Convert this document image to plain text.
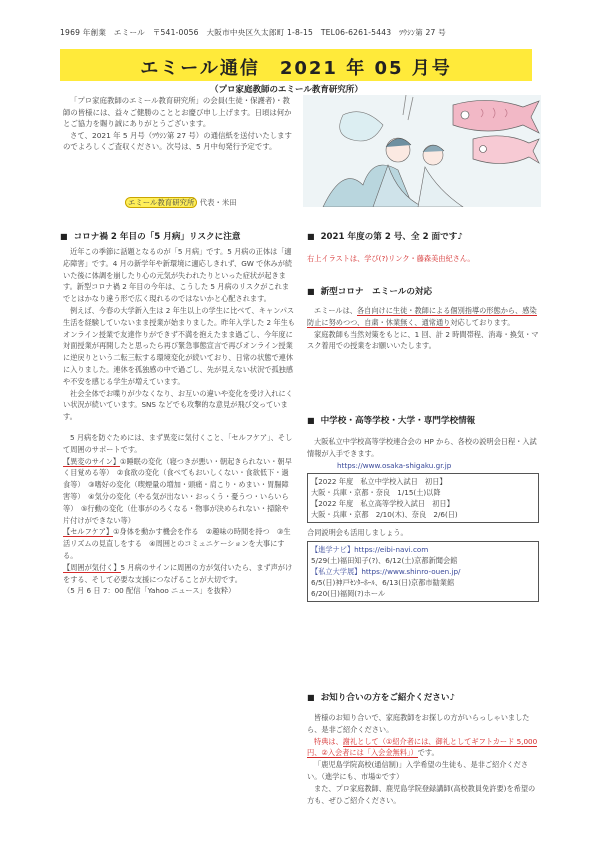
1969 年創業　エミール　〒541-0056　大阪市中央区久太郎町 1-8-15　TEL06-6261-5443　ﾂｳｼﾝ第 27 号
エミール通信　2021 年 05 月号
（プロ家庭教師のエミール教育研究所）

「プロ家庭教師のエミール教育研究所」の会員(生徒・保護者)・教師の皆様には、益々ご健勝のこととお慶び申し上げます。日頃は何かとご協力を賜り誠にありがとうございます。

さて、2021 年 5 月号（ﾂｳｼﾝ第 27 号）の通信紙を送付いたしますのでよろしくご査収ください。次号は、5 月中旬発行予定です。

エミール教育研究所 代表・米田
■ コロナ禍 2 年目の「5 月病」リスクに注意

近年この季節に話題となるのが「5 月病」です。5 月病の正体は「適応障害」です。4 月の新学年や新環境に適応しきれず、GW で休みが続いた後に体調を崩したり心の元気が失われたりといった症状が起きます。新型コロナ禍 2 年目の今年は、こうした 5 月病のリスクがこれまでとはかなり違う形で広く現れるのではないかと心配されます。

例えば、今春の大学新入生は 2 年生以上の学生に比べて、キャンパス生活を経験していないまま授業が始まりました。昨年入学した 2 年生もオンライン授業で友達作りができず不満を抱えたまま過ごし、今年度に対面授業が再開したと思ったら再び緊急事態宣言で再びオンライン授業に逆戻りという二転三転する環境変化が続いており、日常の状態で連休に入りました。連休を孤独感の中で過ごし、先が見えない状況で孤独感や不安を感じる学生が増えています。

社会全体でお喋りが少なくなり、お互いの違いや変化を受け入れにくい状況が続いています。SNS などでも攻撃的な意見が飛び交っています。

5 月病を防ぐためには、まず異変に気付くこと、「セルフケア」、そして周囲のサポートです。

【異変のサイン】①睡眠の変化（寝つきが悪い・朝起きられない・朝早く目覚める等）　②食欲の変化（食べてもおいしくない・食欲低下・過食等）　③嗜好の変化（喫煙量の増加・頭痛・肩こり・めまい・胃腸障害等）　④気分の変化（やる気が出ない・おっくう・憂うつ・いらいら等）　⑤行動の変化（仕事がのろくなる・物事が決められない・掃除や片付けができない等）

【セルフケア】①身体を動かす機会を作る　②趣味の時間を持つ　③生活リズムの見直しをする　④周囲とのコミュニケーションを大事にする。

【周囲が気付く】5 月病のサインに周囲の方が気付いたら、まず声がけをする、そして必要な支援につなげることが大切です。

（5 月 6 日 7：00 配信「Yahoo ニュース」を抜粋）

■ 2021 年度の第 2 号、全 2 面です♪

右上イラストは、学び(?)リンク・藤森美由紀さん。

■ 新型コロナ　エミールの対応

エミールは、各自向けに生徒・教師による個別指導の形態から、感染防止に努めつつ、自粛・休業無く、通常通り対応しております。

家庭教師も当然対策をもとに、1 回、計 2 時間帯程、消毒・換気・マスク着用での授業をお願いいたします。

■ 中学校・高等学校・大学・専門学校情報

大阪私立中学校高等学校連合会の HP から、各校の説明会日程・入試情報が入手できます。

https://www.osaka-shigaku.gr.jp

【2022 年度　私立中学校入試日　初日】
大阪・兵庫・京都・奈良　1/15(土)以降
【2022 年度　私立高等学校入試日　初日】
大阪・兵庫・京都　2/10(木)、奈良　2/6(日)

合同説明会も活用しましょう。

【進学ナビ】https://eibi-navi.com
5/29(土)福田知子(?)、6/12(土)京都新聞会館
【私立大学展】https://www.shinro-ouen.jp/
6/5(日)神戸ｾﾝﾀｰﾎｰﾙ、6/13(日)京都市勧業館
6/20(日)福岡(?)ホール
■ お知り合いの方をご紹介ください♪

皆様のお知り合いで、家庭教師をお探しの方がいらっしゃいましたら、是非ご紹介ください。

特典は、謝礼として（①紹介者には、御礼としてギフトカード 5,000 円、②入会者には「入会金無料」）です。

「鹿児島学院高校(通信制)」入学希望の生徒も、是非ご紹介ください。（進学にも、市場①です）

また、プロ家庭教師、鹿児島学院登録講師(高校教員免許要)を希望の方も、ぜひご紹介ください。
